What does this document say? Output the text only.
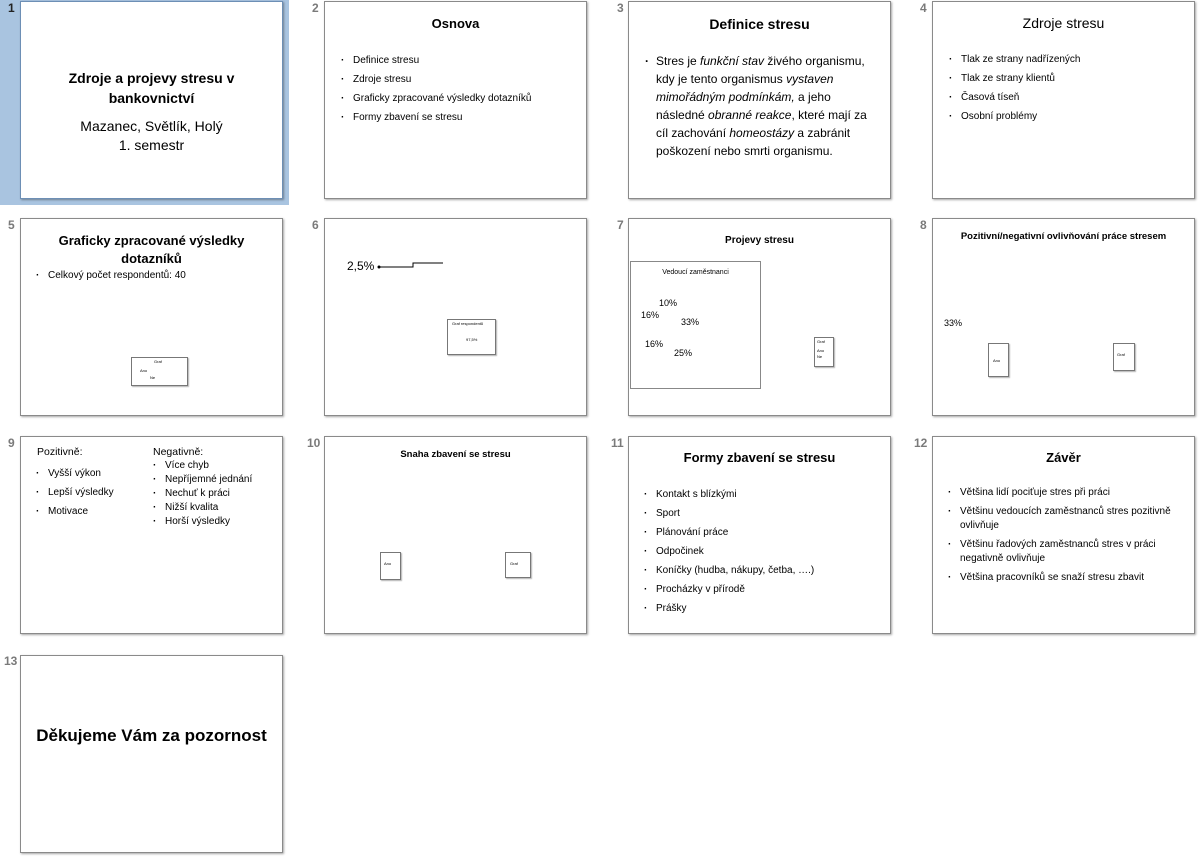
1	2	3	4
5	6	7	8
9	10	11	12
13
Zdroje a projevy stresu v bankovnictví
Mazanec, Světlík, Holý
1. semestr
Osnova
· Definice stresu
· Zdroje stresu
· Graficky zpracované výsledky dotazníků
· Formy zbavení se stresu
Definice stresu
· Stres je funkční stav živého organismu, kdy je tento organismus vystaven mimořádným podmínkám, a jeho následné obranné reakce, které mají za cíl zachování homeostázy a zabránit poškození nebo smrti organismu.
Zdroje stresu
· Tlak ze strany nadřízených
· Tlak ze strany klientů
· Časová tíseň
· Osobní problémy
Graficky zpracované výsledky dotazníků
· Celkový počet respondentů: 40
Graf
Ano
Ne
2,5%
Graf respondentů
97,5%
Projevy stresu
Vedoucí zaměstnanci
10%
16%
33%
16%
25%
Graf
Ano
Ne
Pozitivní/negativní ovlivňování práce stresem
33%
Ano
Graf
Pozitivně:
· Vyšší výkon
· Lepší výsledky
· Motivace
Negativně:
· Více chyb
· Nepříjemné jednání
· Nechuť k práci
· Nižší kvalita
· Horší výsledky
Snaha zbavení se stresu
Ano	Graf
Formy zbavení se stresu
· Kontakt s blízkými
· Sport
· Plánování práce
· Odpočinek
· Koníčky (hudba, nákupy, četba, ….)
· Procházky v přírodě
· Prášky
Závěr
· Většina lidí pociťuje stres při práci
· Většinu vedoucích zaměstnanců stres pozitivně ovlivňuje
· Většinu řadových zaměstnanců stres v práci negativně ovlivňuje
· Většina pracovníků se snaží stresu zbavit
Děkujeme Vám za pozornost
